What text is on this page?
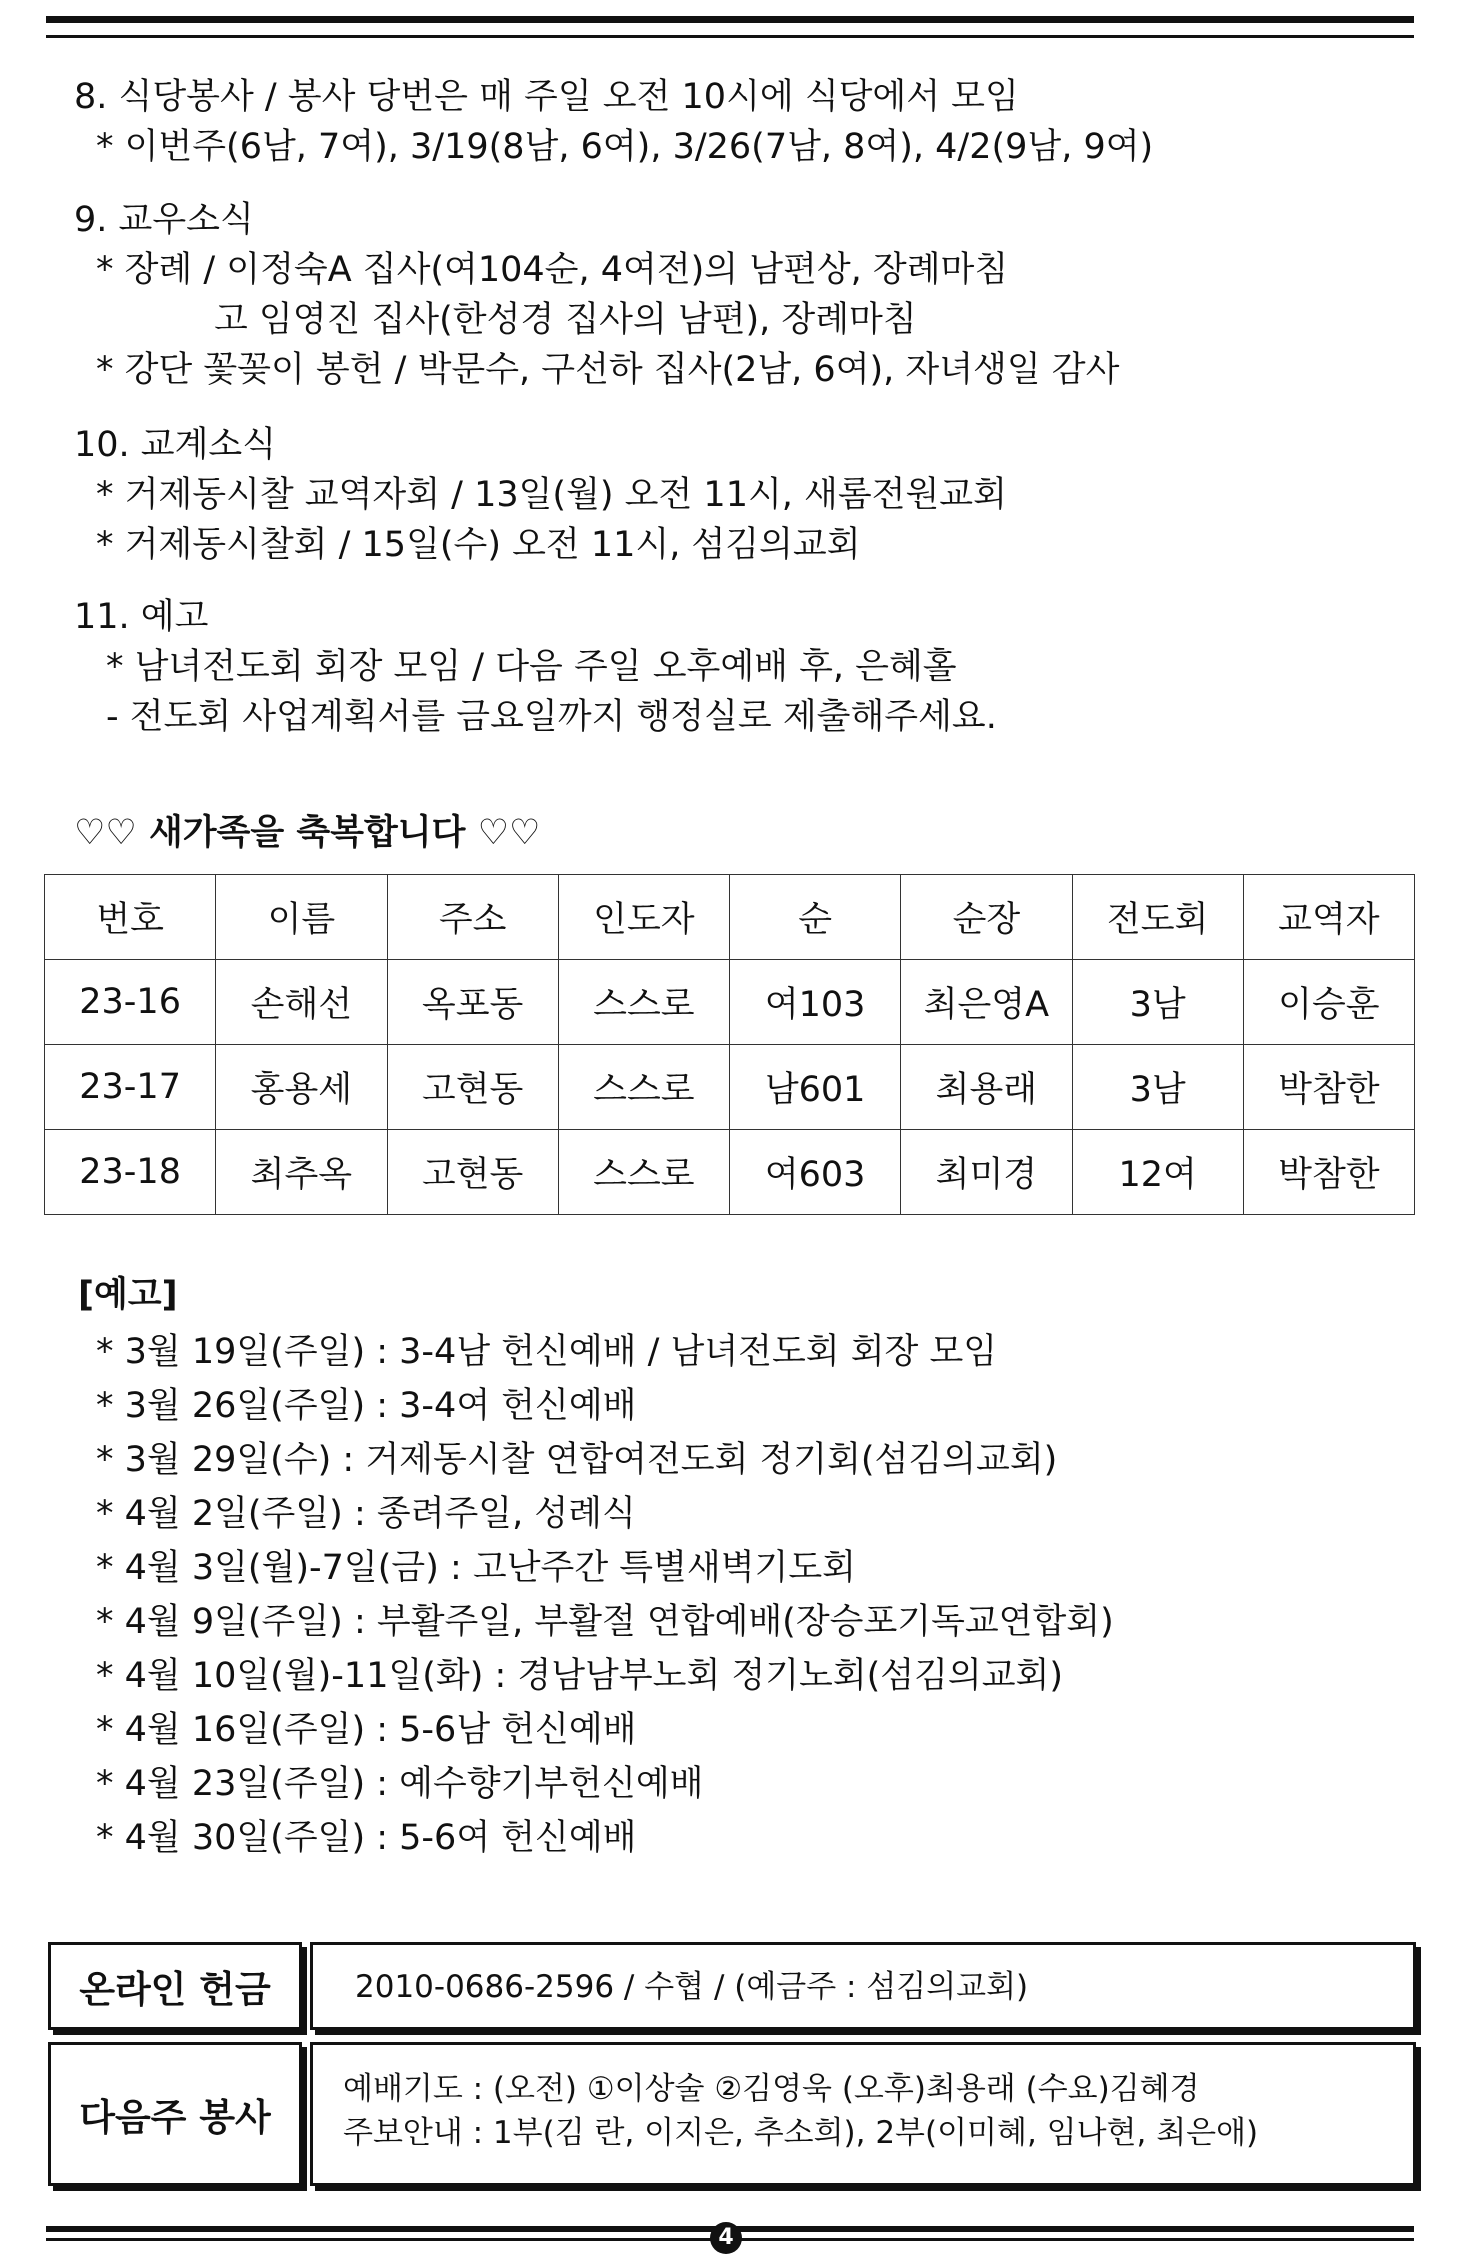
8. 식당봉사 / 봉사 당번은 매 주일 오전 10시에 식당에서 모임
* 이번주(6남, 7여), 3/19(8남, 6여), 3/26(7남, 8여), 4/2(9남, 9여)
9. 교우소식
* 장례 / 이정숙A 집사(여104순, 4여전)의 남편상, 장례마침
고 임영진 집사(한성경 집사의 남편), 장례마침
* 강단 꽃꽂이 봉헌 / 박문수, 구선하 집사(2남, 6여), 자녀생일 감사
10. 교계소식
* 거제동시찰 교역자회 / 13일(월) 오전 11시, 새롬전원교회
* 거제동시찰회 / 15일(수) 오전 11시, 섬김의교회
11. 예고
* 남녀전도회 회장 모임 / 다음 주일 오후예배 후, 은혜홀
- 전도회 사업계획서를 금요일까지 행정실로 제출해주세요.
♡♡ 새가족을 축복합니다 ♡♡
번호	이름	주소	인도자	순	순장	전도회	교역자
23-16	손해선	옥포동	스스로	여103	최은영A	3남	이승훈
23-17	홍용세	고현동	스스로	남601	최용래	3남	박참한
23-18	최추옥	고현동	스스로	여603	최미경	12여	박참한
[예고]
* 3월 19일(주일) : 3-4남 헌신예배 / 남녀전도회 회장 모임
* 3월 26일(주일) : 3-4여 헌신예배
* 3월 29일(수) : 거제동시찰 연합여전도회 정기회(섬김의교회)
* 4월 2일(주일) : 종려주일, 성례식
* 4월 3일(월)-7일(금) : 고난주간 특별새벽기도회
* 4월 9일(주일) : 부활주일, 부활절 연합예배(장승포기독교연합회)
* 4월 10일(월)-11일(화) : 경남남부노회 정기노회(섬김의교회)
* 4월 16일(주일) : 5-6남 헌신예배
* 4월 23일(주일) : 예수향기부헌신예배
* 4월 30일(주일) : 5-6여 헌신예배
온라인 헌금	2010-0686-2596 / 수협 / (예금주 : 섬김의교회)
다음주 봉사
예배기도 : (오전) ①이상술 ②김영욱 (오후)최용래 (수요)김혜경
주보안내 : 1부(김 란, 이지은, 추소희), 2부(이미혜, 임나현, 최은애)
4
